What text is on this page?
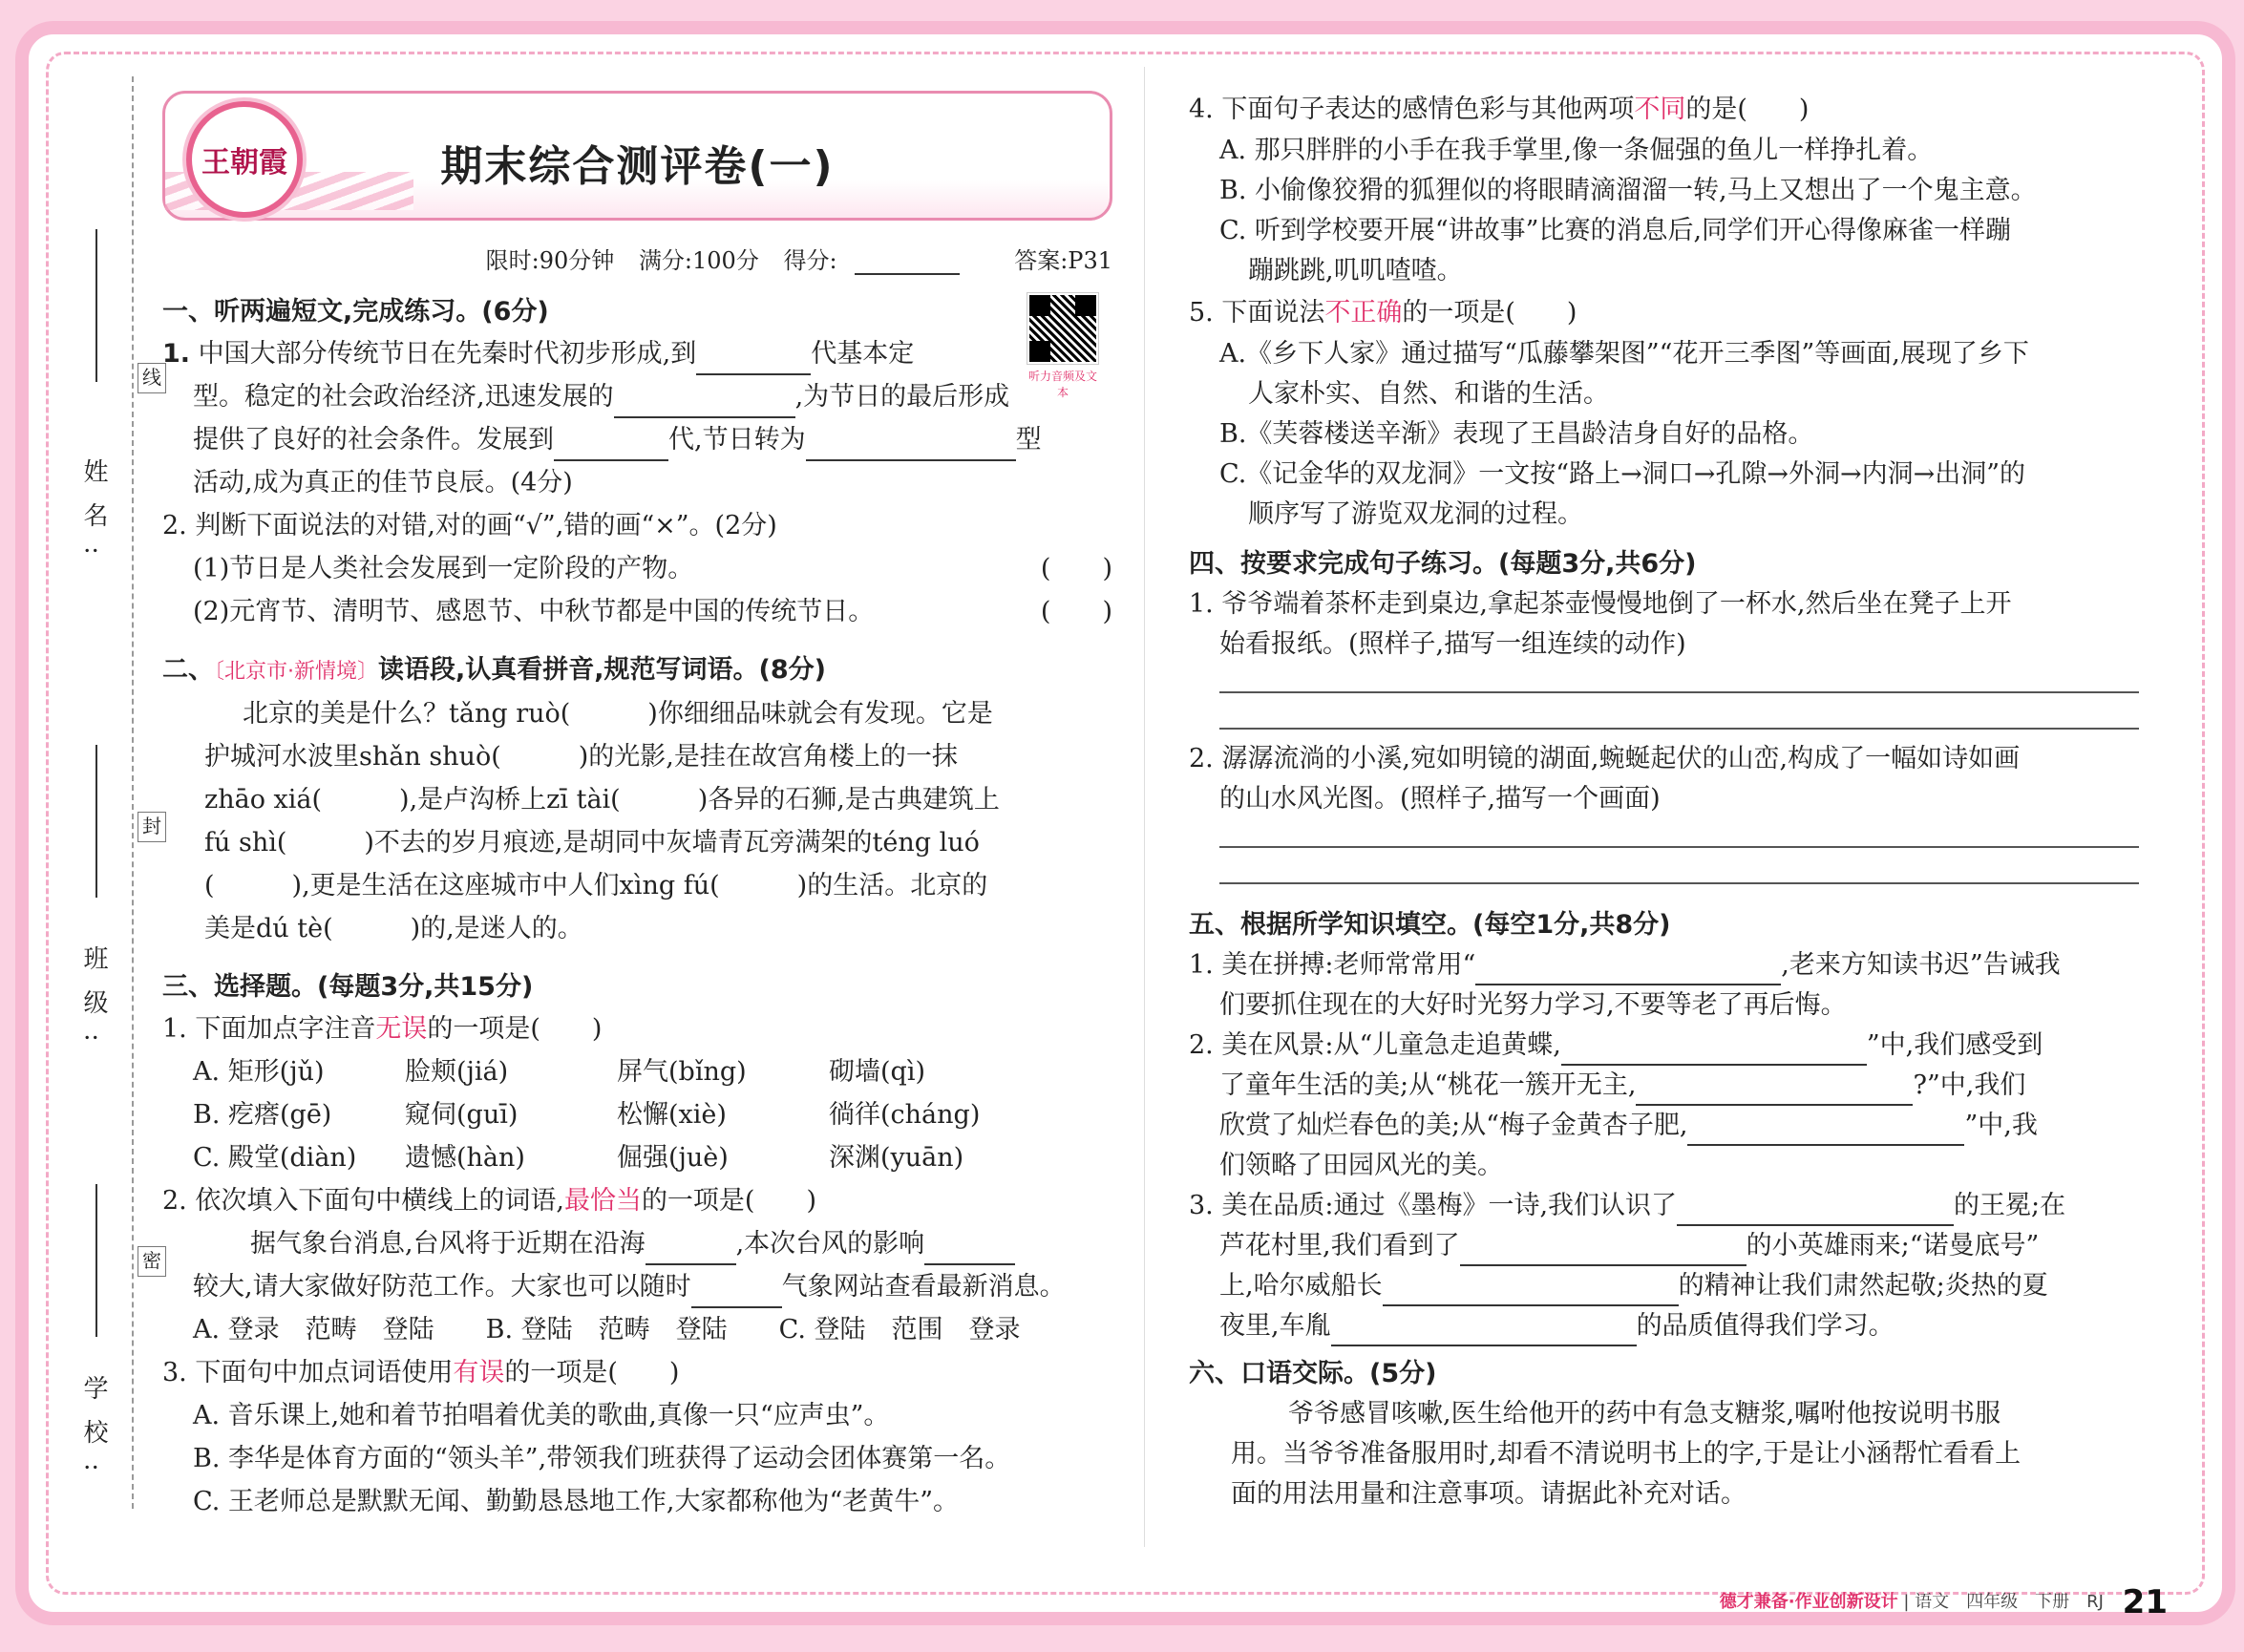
线
封
密
姓名:
班级:
学校:
王朝霞	期末综合测评卷(一)
限时:90分钟 满分:100分 得分:	答案:P31
听力音频及文本
一、听两遍短文,完成练习。(6分)

1. 中国大部分传统节日在先秦时代初步形成,到	代基本定

型。稳定的社会政治经济,迅速发展的	,为节日的最后形成

提供了良好的社会条件。发展到	代,节日转为	型

活动,成为真正的佳节良辰。(4分)

2. 判断下面说法的对错,对的画“√”,错的画“×”。(2分)

(1)节日是人类社会发展到一定阶段的产物。	(　　)

(2)元宵节、清明节、感恩节、中秋节都是中国的传统节日。	(　　)

二、〔北京市·新情境〕读语段,认真看拼音,规范写词语。(8分)

北京的美是什么？tǎng ruò(　　　)你细细品味就会有发现。它是

护城河水波里shǎn shuò(　　　)的光影,是挂在故宫角楼上的一抹

zhāo xiá(　　　),是卢沟桥上zī tài(　　　)各异的石狮,是古典建筑上

fú shì(　　　)不去的岁月痕迹,是胡同中灰墙青瓦旁满架的téng luó

(　　　),更是生活在这座城市中人们xìng fú(　　　)的生活。北京的

美是dú tè(　　　)的,是迷人的。

三、选择题。(每题3分,共15分)

1. 下面加点字注音无误的一项是(　　)

A. 矩形(jǔ)	脸颊(jiá)	屏气(bǐng)	砌墙(qì)
B. 疙瘩(gē)	窥伺(guī)	松懈(xiè)	徜徉(cháng)
C. 殿堂(diàn)	遗憾(hàn)	倔强(juè)	深渊(yuān)

2. 依次填入下面句中横线上的词语,最恰当的一项是(　　)

据气象台消息,台风将于近期在沿海	,本次台风的影响

较大,请大家做好防范工作。大家也可以随时	气象网站查看最新消息。

A. 登录　范畴　登陆　　B. 登陆　范畴　登陆　　C. 登陆　范围　登录

3. 下面句中加点词语使用有误的一项是(　　)

A. 音乐课上,她和着节拍唱着优美的歌曲,真像一只“应声虫”。

B. 李华是体育方面的“领头羊”,带领我们班获得了运动会团体赛第一名。

C. 王老师总是默默无闻、勤勤恳恳地工作,大家都称他为“老黄牛”。

4. 下面句子表达的感情色彩与其他两项不同的是(　　)

A. 那只胖胖的小手在我手掌里,像一条倔强的鱼儿一样挣扎着。

B. 小偷像狡猾的狐狸似的将眼睛滴溜溜一转,马上又想出了一个鬼主意。

C. 听到学校要开展“讲故事”比赛的消息后,同学们开心得像麻雀一样蹦

蹦跳跳,叽叽喳喳。

5. 下面说法不正确的一项是(　　)

A.《乡下人家》通过描写“瓜藤攀架图”“花开三季图”等画面,展现了乡下

人家朴实、自然、和谐的生活。

B.《芙蓉楼送辛渐》表现了王昌龄洁身自好的品格。

C.《记金华的双龙洞》一文按“路上→洞口→孔隙→外洞→内洞→出洞”的

顺序写了游览双龙洞的过程。

四、按要求完成句子练习。(每题3分,共6分)

1. 爷爷端着茶杯走到桌边,拿起茶壶慢慢地倒了一杯水,然后坐在凳子上开

始看报纸。(照样子,描写一组连续的动作)

2. 潺潺流淌的小溪,宛如明镜的湖面,蜿蜒起伏的山峦,构成了一幅如诗如画

的山水风光图。(照样子,描写一个画面)

五、根据所学知识填空。(每空1分,共8分)

1. 美在拼搏:老师常常用“	,老来方知读书迟”告诫我

们要抓住现在的大好时光努力学习,不要等老了再后悔。

2. 美在风景:从“儿童急走追黄蝶,	”中,我们感受到

了童年生活的美;从“桃花一簇开无主,	?”中,我们

欣赏了灿烂春色的美;从“梅子金黄杏子肥,	”中,我

们领略了田园风光的美。

3. 美在品质:通过《墨梅》一诗,我们认识了	的王冕;在

芦花村里,我们看到了	的小英雄雨来;“诺曼底号”

上,哈尔威船长	的精神让我们肃然起敬;炎热的夏

夜里,车胤	的品质值得我们学习。

六、口语交际。(5分)

爷爷感冒咳嗽,医生给他开的药中有急支糖浆,嘱咐他按说明书服

用。当爷爷准备服用时,却看不清说明书上的字,于是让小涵帮忙看看上

面的用法用量和注意事项。请据此补充对话。

德才兼备·作业创新设计 | 语文　四年级　下册　RJ 21
